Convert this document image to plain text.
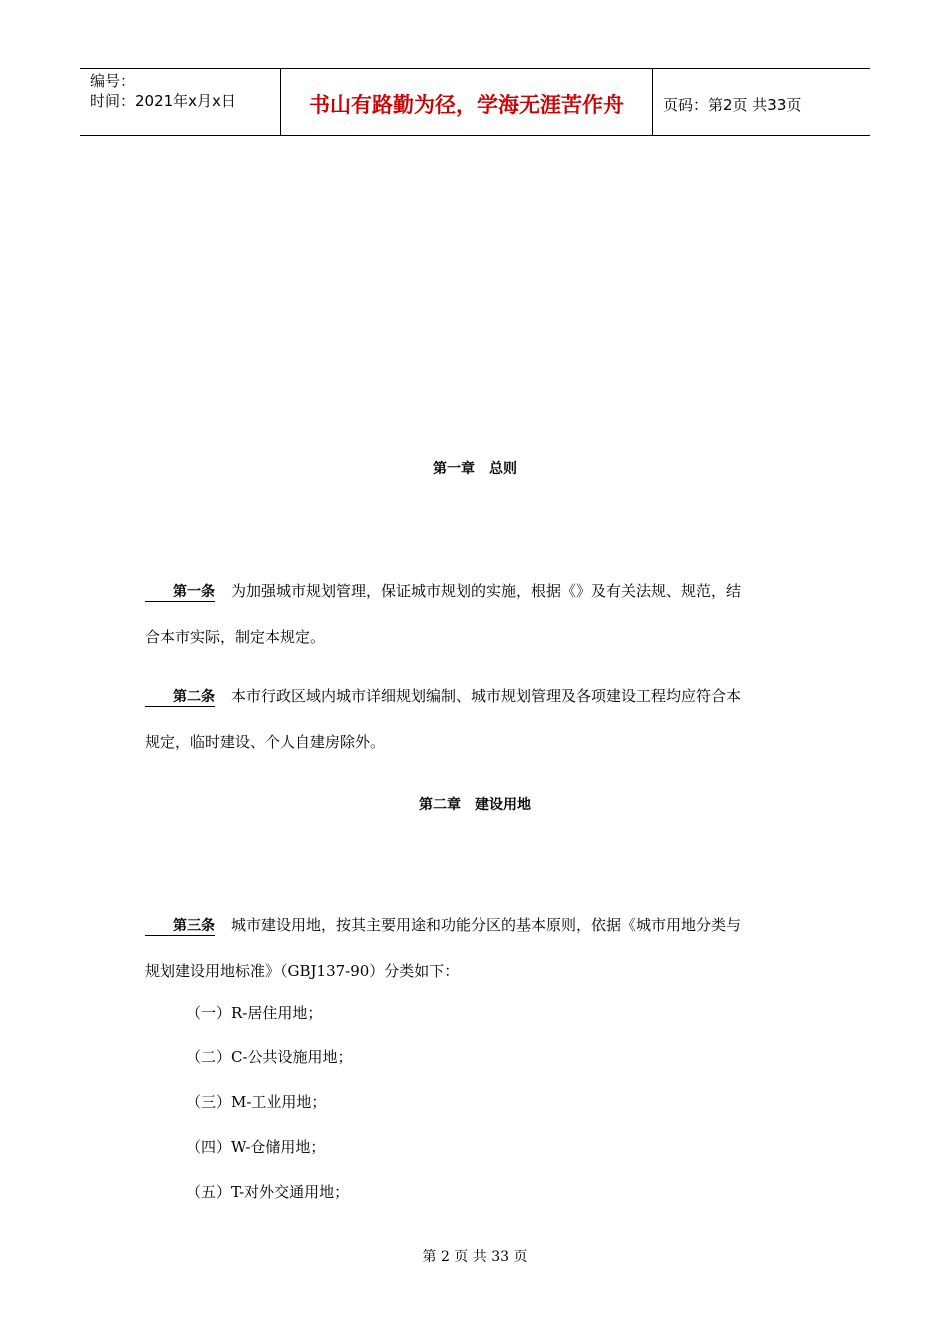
编号：
时间：2021年x月x日	书山有路勤为径，学海无涯苦作舟	页码：第2页 共33页
第一章　总则
第一条 为加强城市规划管理，保证城市规划的实施，根据《》及有关法规、规范，结
合本市实际，制定本规定。
第二条 本市行政区域内城市详细规划编制、城市规划管理及各项建设工程均应符合本
规定，临时建设、个人自建房除外。
第二章　建设用地
第三条 城市建设用地，按其主要用途和功能分区的基本原则，依据《城市用地分类与
规划建设用地标准》（GBJ137-90）分类如下：
（一）R-居住用地；
（二）C-公共设施用地；
（三）M-工业用地；
（四）W-仓储用地；
（五）T-对外交通用地；
第 2 页 共 33 页
